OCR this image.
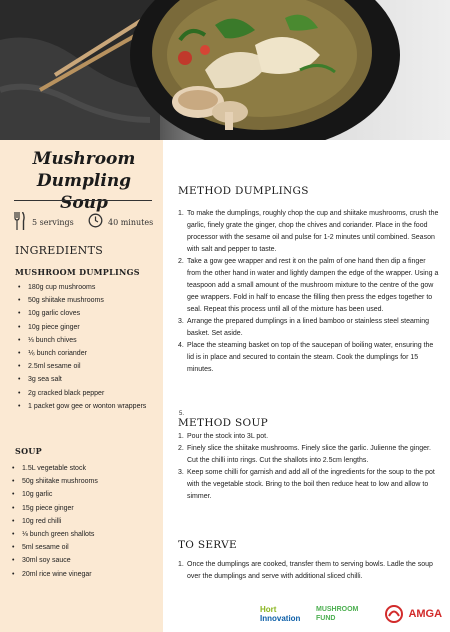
Mushroom Dumpling Soup
5 servings	40 minutes
INGREDIENTS
MUSHROOM DUMPLINGS
• 180g cup mushrooms
• 50g shiitake mushrooms
• 10g garlic cloves
• 10g piece ginger
• ⅓ bunch chives
• ⅙ bunch coriander
• 2.5ml sesame oil
• 3g sea salt
• 2g cracked black pepper
• 1 packet gow gee or wonton wrappers
SOUP
• 1.5L vegetable stock
• 50g shiitake mushrooms
• 10g garlic
• 15g piece ginger
• 10g red chilli
• ⅛ bunch green shallots
• 5ml sesame oil
• 30ml soy sauce
• 20ml rice wine vinegar
METHOD DUMPLINGS
1. To make the dumplings, roughly chop the cup and shiitake mushrooms, crush the garlic, finely grate the ginger, chop the chives and coriander. Place in the food processor with the sesame oil and pulse for 1-2 minutes until combined. Season with salt and pepper to taste.
2. Take a gow gee wrapper and rest it on the palm of one hand then dip a finger from the other hand in water and lightly dampen the edge of the wrapper. Using a teaspoon add a small amount of the mushroom mixture to the centre of the gow gee wrappers. Fold in half to encase the filling then press the edges together to seal. Repeat this process until all of the mixture has been used.
3. Arrange the prepared dumplings in a lined bamboo or stainless steel steaming basket. Set aside.
4. Place the steaming basket on top of the saucepan of boiling water, ensuring the lid is in place and secured to contain the steam. Cook the dumplings for 15 minutes.
5.
METHOD SOUP
1. Pour the stock into 3L pot.
2. Finely slice the shiitake mushrooms. Finely slice the garlic. Julienne the ginger. Cut the chilli into rings. Cut the shallots into 2.5cm lengths.
3. Keep some chilli for garnish and add all of the ingredients for the soup to the pot with the vegetable stock. Bring to the boil then reduce heat to low and allow to simmer.
TO SERVE
1. Once the dumplings are cooked, transfer them to serving bowls. Ladle the soup over the dumplings and serve with additional sliced chilli.
Hort
Innovation
MUSHROOM
FUND	AMGA
